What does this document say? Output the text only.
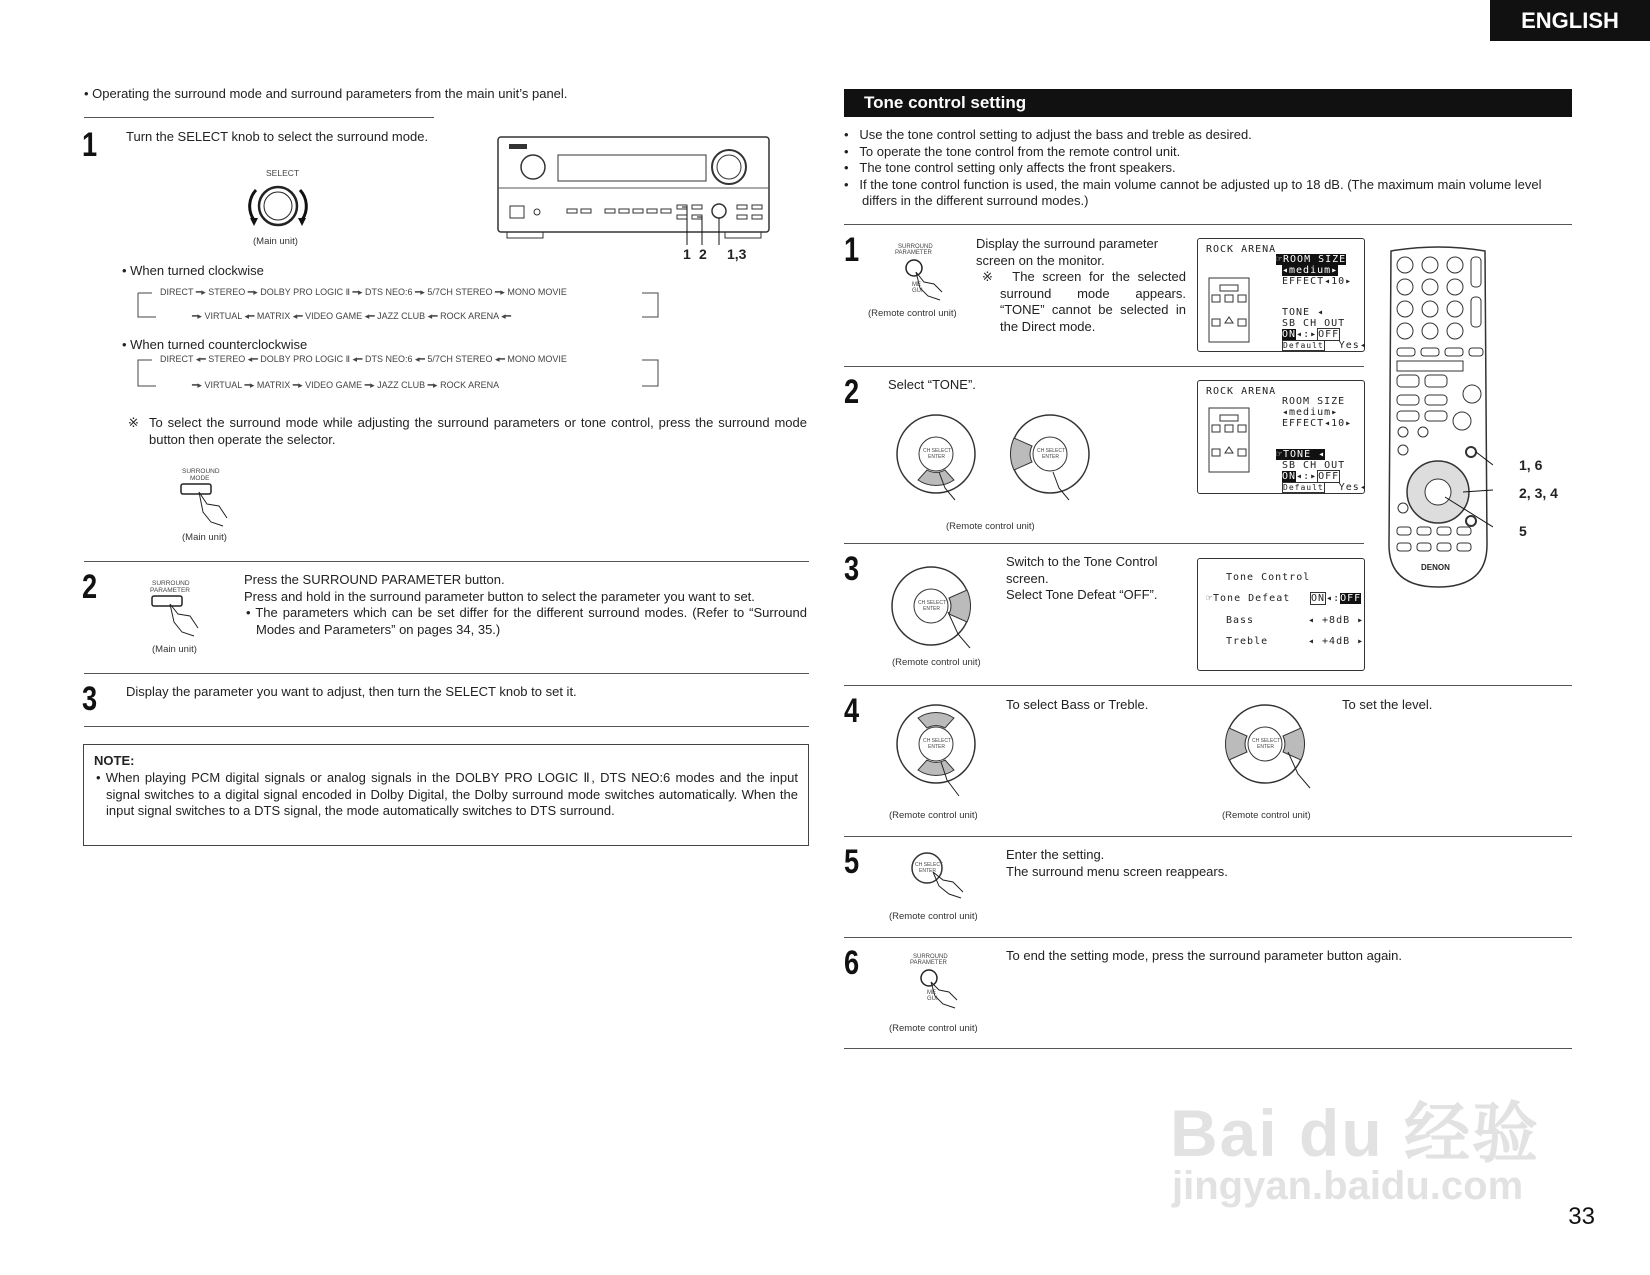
ENGLISH
33
• Operating the surround mode and surround parameters from the main unit’s panel.
1 Turn the SELECT knob to select the surround mode.
SELECT
(Main unit)
1 2 1,3
• When turned clockwise
DIRECT ━▸ STEREO ━▸ DOLBY PRO LOGIC Ⅱ ━▸ DTS NEO:6 ━▸ 5/7CH STEREO ━▸ MONO MOVIE
━▸ VIRTUAL ◂━ MATRIX ◂━ VIDEO GAME ◂━ JAZZ CLUB ◂━ ROCK ARENA ◂━
• When turned counterclockwise
DIRECT ◂━ STEREO ◂━ DOLBY PRO LOGIC Ⅱ ◂━ DTS NEO:6 ◂━ 5/7CH STEREO ◂━ MONO MOVIE
━▸ VIRTUAL ━▸ MATRIX ━▸ VIDEO GAME ━▸ JAZZ CLUB ━▸ ROCK ARENA
※ To select the surround mode while adjusting the surround parameters or tone control, press the surround mode button then operate the selector.
SURROUND
MODE
(Main unit)
2	SURROUND
PARAMETER
(Main unit)
Press the SURROUND PARAMETER button.
Press and hold in the surround parameter button to select the parameter you want to set.
• The parameters which can be set differ for the different surround modes. (Refer to “Surround Modes and Parameters” on pages 34, 35.)
3 Display the parameter you want to adjust, then turn the SELECT knob to set it.
NOTE:
• When playing PCM digital signals or analog signals in the DOLBY PRO LOGIC Ⅱ, DTS NEO:6 modes and the input signal switches to a digital signal encoded in Dolby Digital, the Dolby surround mode switches automatically. When the input signal switches to a DTS signal, the mode automatically switches to DTS surround.
Tone control setting
•   Use the tone control setting to adjust the bass and treble as desired.
•   To operate the tone control from the remote control unit.
•   The tone control setting only affects the front speakers.
•   If the tone control function is used, the main volume cannot be adjusted up to 18 dB. (The maximum main volume level differs in the different surround modes.)
1	SURROUND
PARAMETER
ME
GUI
(Remote control unit)
Display the surround parameter screen on the monitor.
※ The screen for the selected surround mode appears. “TONE” cannot be selected in the Direct mode.
ROCK ARENA
☞ROOM SIZE
◂medium▸
EFFECT◂10▸
TONE ◂
SB CH OUT
ON◂:▸OFF
Default Yes◂
DENON
1, 6
2, 3, 4
5
2 Select “TONE”.
CH SELECT
ENTER
CH SELECT
ENTER
(Remote control unit)
ROCK ARENA
ROOM SIZE
◂medium▸
EFFECT◂10▸
☞TONE ◂
SB CH OUT
ON◂:▸OFF
Default Yes◂
3
CH SELECT
ENTER
(Remote control unit)
Switch to the Tone Control screen.
Select Tone Defeat “OFF”.
Tone Control
☞Tone Defeat ON◂:OFF
Bass	◂ +8dB ▸
Treble	◂ +4dB ▸
4
CH SELECT
ENTER
(Remote control unit)
To select Bass or Treble.
CH SELECT
ENTER
(Remote control unit)
To set the level.
5	CH SELECT
ENTER
(Remote control unit)
Enter the setting.
The surround menu screen reappears.
6	SURROUND
PARAMETER
ME
GUI
(Remote control unit)
To end the setting mode, press the surround parameter button again.
Bai du 经验
jingyan.baidu.com
